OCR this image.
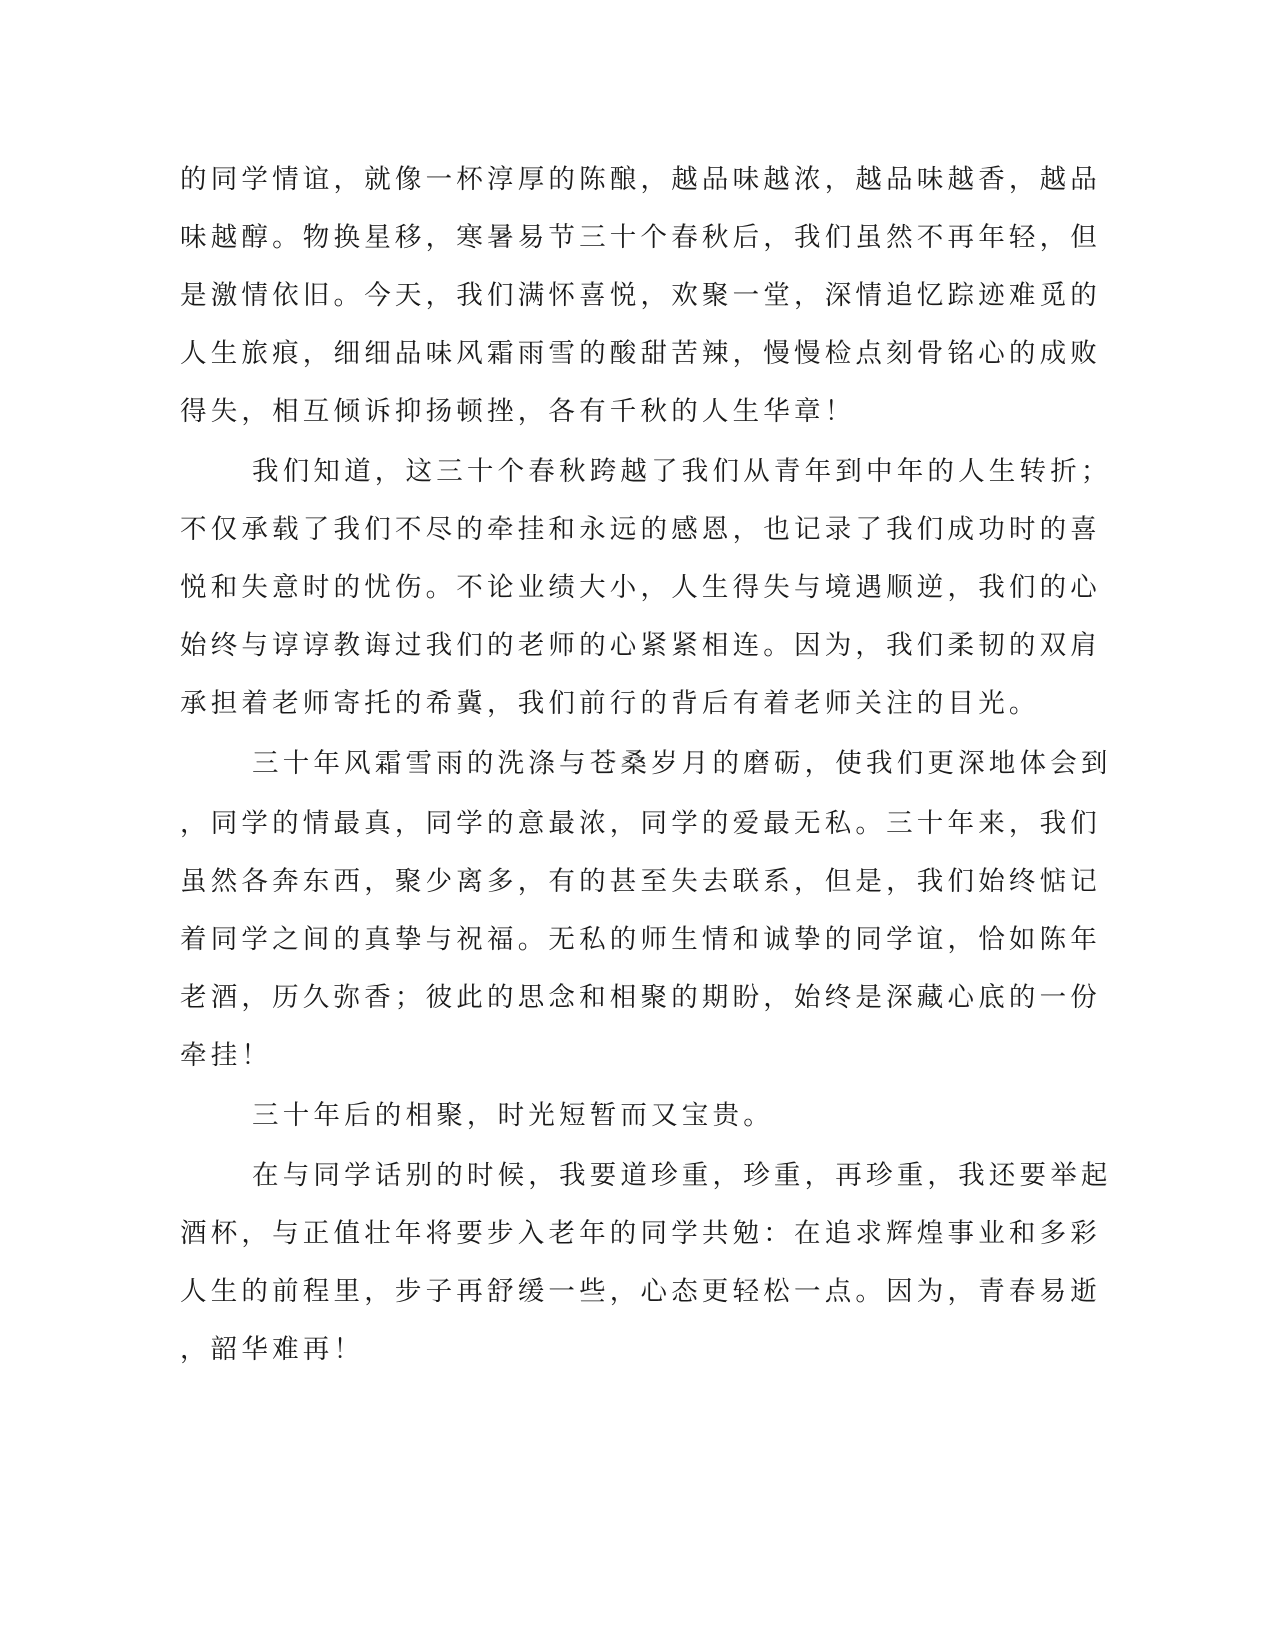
的同学情谊，就像一杯淳厚的陈酿，越品味越浓，越品味越香，越品
味越醇。物换星移，寒暑易节三十个春秋后，我们虽然不再年轻，但
是激情依旧。今天，我们满怀喜悦，欢聚一堂，深情追忆踪迹难觅的
人生旅痕，细细品味风霜雨雪的酸甜苦辣，慢慢检点刻骨铭心的成败
得失，相互倾诉抑扬顿挫，各有千秋的人生华章！
我们知道，这三十个春秋跨越了我们从青年到中年的人生转折；
不仅承载了我们不尽的牵挂和永远的感恩，也记录了我们成功时的喜
悦和失意时的忧伤。不论业绩大小，人生得失与境遇顺逆，我们的心
始终与谆谆教诲过我们的老师的心紧紧相连。因为，我们柔韧的双肩
承担着老师寄托的希冀，我们前行的背后有着老师关注的目光。
三十年风霜雪雨的洗涤与苍桑岁月的磨砺，使我们更深地体会到
，同学的情最真，同学的意最浓，同学的爱最无私。三十年来，我们
虽然各奔东西，聚少离多，有的甚至失去联系，但是，我们始终惦记
着同学之间的真挚与祝福。无私的师生情和诚挚的同学谊，恰如陈年
老酒，历久弥香；彼此的思念和相聚的期盼，始终是深藏心底的一份
牵挂！
三十年后的相聚，时光短暂而又宝贵。
在与同学话别的时候，我要道珍重，珍重，再珍重，我还要举起
酒杯，与正值壮年将要步入老年的同学共勉：在追求辉煌事业和多彩
人生的前程里，步子再舒缓一些，心态更轻松一点。因为，青春易逝
，韶华难再！
